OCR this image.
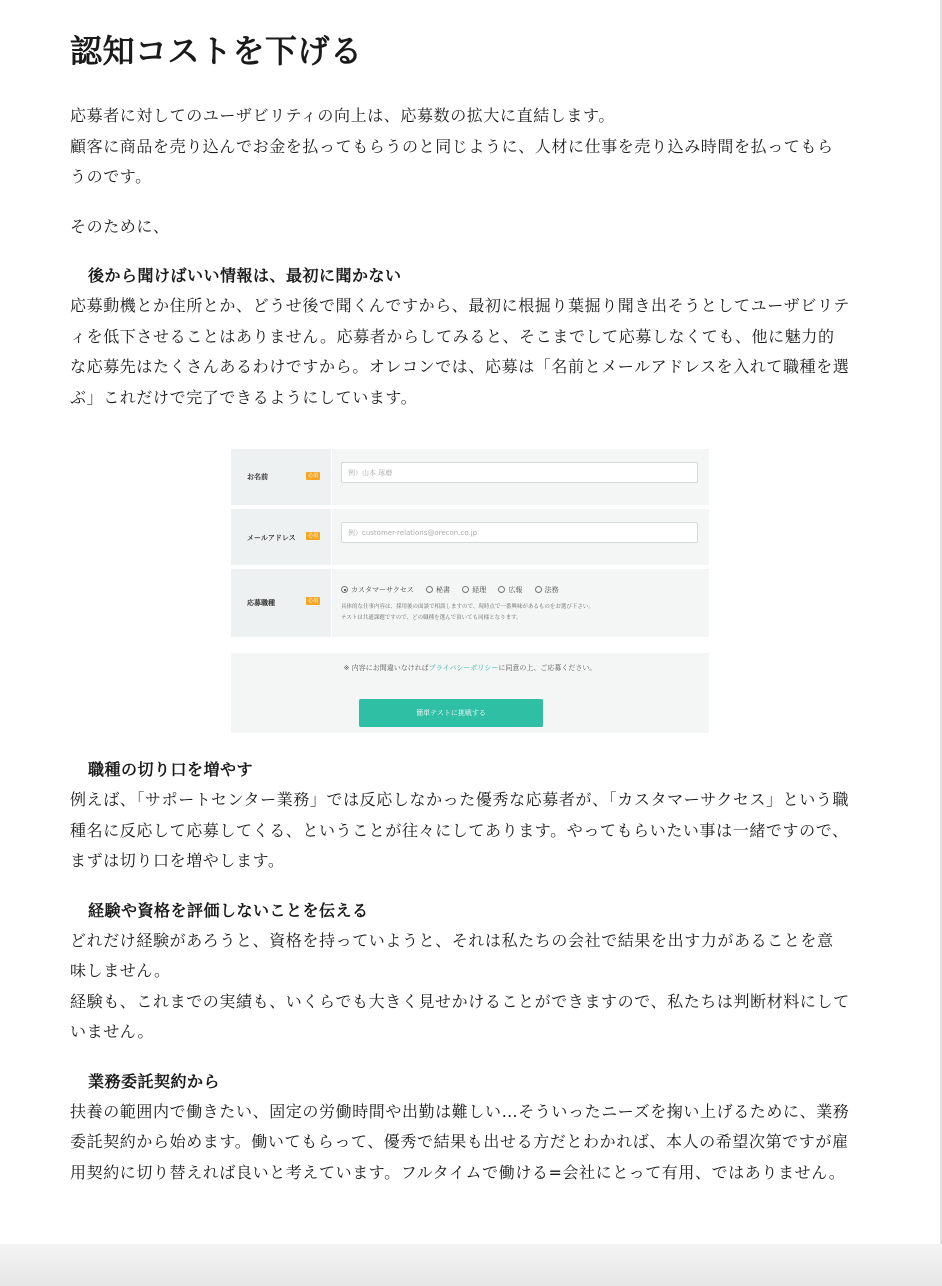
認知コストを下げる

応募者に対してのユーザビリティの向上は、応募数の拡大に直結します。

顧客に商品を売り込んでお金を払ってもらうのと同じように、人材に仕事を売り込み時間を払ってもらうのです。

そのために、

後から聞けばいい情報は、最初に聞かない

応募動機とか住所とか、どうせ後で聞くんですから、最初に根掘り葉掘り聞き出そうとしてユーザビリティを低下させることはありません。応募者からしてみると、そこまでして応募しなくても、他に魅力的な応募先はたくさんあるわけですから。オレコンでは、応募は「名前とメールアドレスを入れて職種を選ぶ」これだけで完了できるようにしています。

お名前	必須	例）山本 琢磨
メールアドレス	必須	例）customer-relations@orecon.co.jp
応募職種	必須
カスタマーサクセス	秘書	経理	広報	法務
具体的な仕事内容は、採用後の面談で相談しますので、現時点で一番興味があるものをお選び下さい。
テストは共通課題ですので、どの職種を選んで頂いても同様となります。
※ 内容にお間違いなければプライバシーポリシーに同意の上、ご応募ください。
簡単テストに挑戦する
職種の切り口を増やす

例えば、「サポートセンター業務」では反応しなかった優秀な応募者が、「カスタマーサクセス」という職種名に反応して応募してくる、ということが往々にしてあります。やってもらいたい事は一緒ですので、まずは切り口を増やします。

経験や資格を評価しないことを伝える

どれだけ経験があろうと、資格を持っていようと、それは私たちの会社で結果を出す力があることを意味しません。

経験も、これまでの実績も、いくらでも大きく見せかけることができますので、私たちは判断材料にしていません。

業務委託契約から

扶養の範囲内で働きたい、固定の労働時間や出勤は難しい…そういったニーズを掬い上げるために、業務委託契約から始めます。働いてもらって、優秀で結果も出せる方だとわかれば、本人の希望次第ですが雇用契約に切り替えれば良いと考えています。フルタイムで働ける=会社にとって有用、ではありません。
